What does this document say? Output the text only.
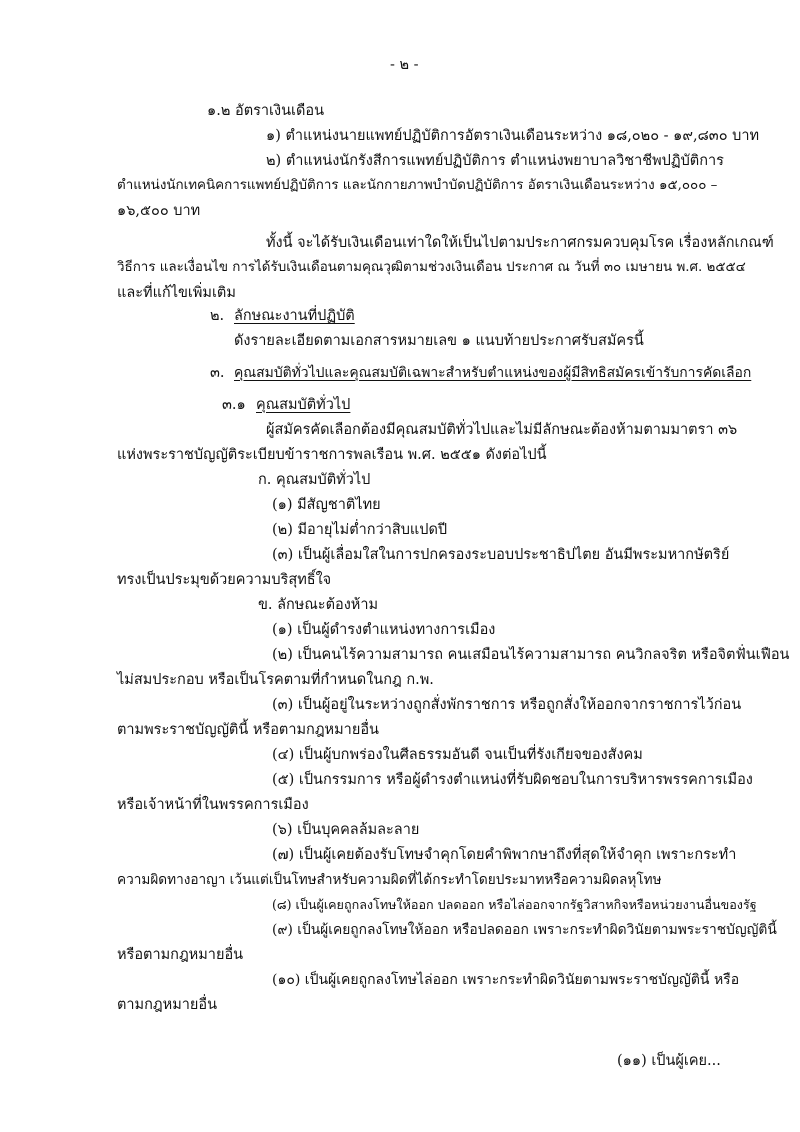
- ๒ -
๑.๒ อัตราเงินเดือน
๑) ตำแหน่งนายแพทย์ปฏิบัติการอัตราเงินเดือนระหว่าง ๑๘,๐๒๐ - ๑๙,๘๓๐ บาท
๒) ตำแหน่งนักรังสีการแพทย์ปฏิบัติการ ตำแหน่งพยาบาลวิชาชีพปฏิบัติการ
ตำแหน่งนักเทคนิคการแพทย์ปฏิบัติการ และนักกายภาพบำบัดปฏิบัติการ อัตราเงินเดือนระหว่าง ๑๕,๐๐๐ –
๑๖,๕๐๐ บาท
ทั้งนี้ จะได้รับเงินเดือนเท่าใดให้เป็นไปตามประกาศกรมควบคุมโรค เรื่องหลักเกณฑ์
วิธีการ และเงื่อนไข การได้รับเงินเดือนตามคุณวุฒิตามช่วงเงินเดือน ประกาศ ณ วันที่ ๓๐ เมษายน พ.ศ. ๒๕๕๔
และที่แก้ไขเพิ่มเติม
๒. ลักษณะงานที่ปฏิบัติ
ดังรายละเอียดตามเอกสารหมายเลข ๑ แนบท้ายประกาศรับสมัครนี้
๓. คุณสมบัติทั่วไปและคุณสมบัติเฉพาะสำหรับตำแหน่งของผู้มีสิทธิสมัครเข้ารับการคัดเลือก
๓.๑ คุณสมบัติทั่วไป
ผู้สมัครคัดเลือกต้องมีคุณสมบัติทั่วไปและไม่มีลักษณะต้องห้ามตามมาตรา ๓๖
แห่งพระราชบัญญัติระเบียบข้าราชการพลเรือน พ.ศ. ๒๕๕๑ ดังต่อไปนี้
ก. คุณสมบัติทั่วไป
(๑) มีสัญชาติไทย
(๒) มีอายุไม่ต่ำกว่าสิบแปดปี
(๓) เป็นผู้เลื่อมใสในการปกครองระบอบประชาธิปไตย อันมีพระมหากษัตริย์
ทรงเป็นประมุขด้วยความบริสุทธิ์ใจ
ข. ลักษณะต้องห้าม
(๑) เป็นผู้ดำรงตำแหน่งทางการเมือง
(๒) เป็นคนไร้ความสามารถ คนเสมือนไร้ความสามารถ คนวิกลจริต หรือจิตฟั่นเฟือน
ไม่สมประกอบ หรือเป็นโรคตามที่กำหนดในกฎ ก.พ.
(๓) เป็นผู้อยู่ในระหว่างถูกสั่งพักราชการ หรือถูกสั่งให้ออกจากราชการไว้ก่อน
ตามพระราชบัญญัตินี้ หรือตามกฎหมายอื่น
(๔) เป็นผู้บกพร่องในศีลธรรมอันดี จนเป็นที่รังเกียจของสังคม
(๕) เป็นกรรมการ หรือผู้ดำรงตำแหน่งที่รับผิดชอบในการบริหารพรรคการเมือง
หรือเจ้าหน้าที่ในพรรคการเมือง
(๖) เป็นบุคคลล้มละลาย
(๗) เป็นผู้เคยต้องรับโทษจำคุกโดยคำพิพากษาถึงที่สุดให้จำคุก เพราะกระทำ
ความผิดทางอาญา เว้นแต่เป็นโทษสำหรับความผิดที่ได้กระทำโดยประมาทหรือความผิดลหุโทษ
(๘) เป็นผู้เคยถูกลงโทษให้ออก ปลดออก หรือไล่ออกจากรัฐวิสาหกิจหรือหน่วยงานอื่นของรัฐ
(๙) เป็นผู้เคยถูกลงโทษให้ออก หรือปลดออก เพราะกระทำผิดวินัยตามพระราชบัญญัตินี้
หรือตามกฎหมายอื่น
(๑๐) เป็นผู้เคยถูกลงโทษไล่ออก เพราะกระทำผิดวินัยตามพระราชบัญญัตินี้ หรือ
ตามกฎหมายอื่น
(๑๑) เป็นผู้เคย...
